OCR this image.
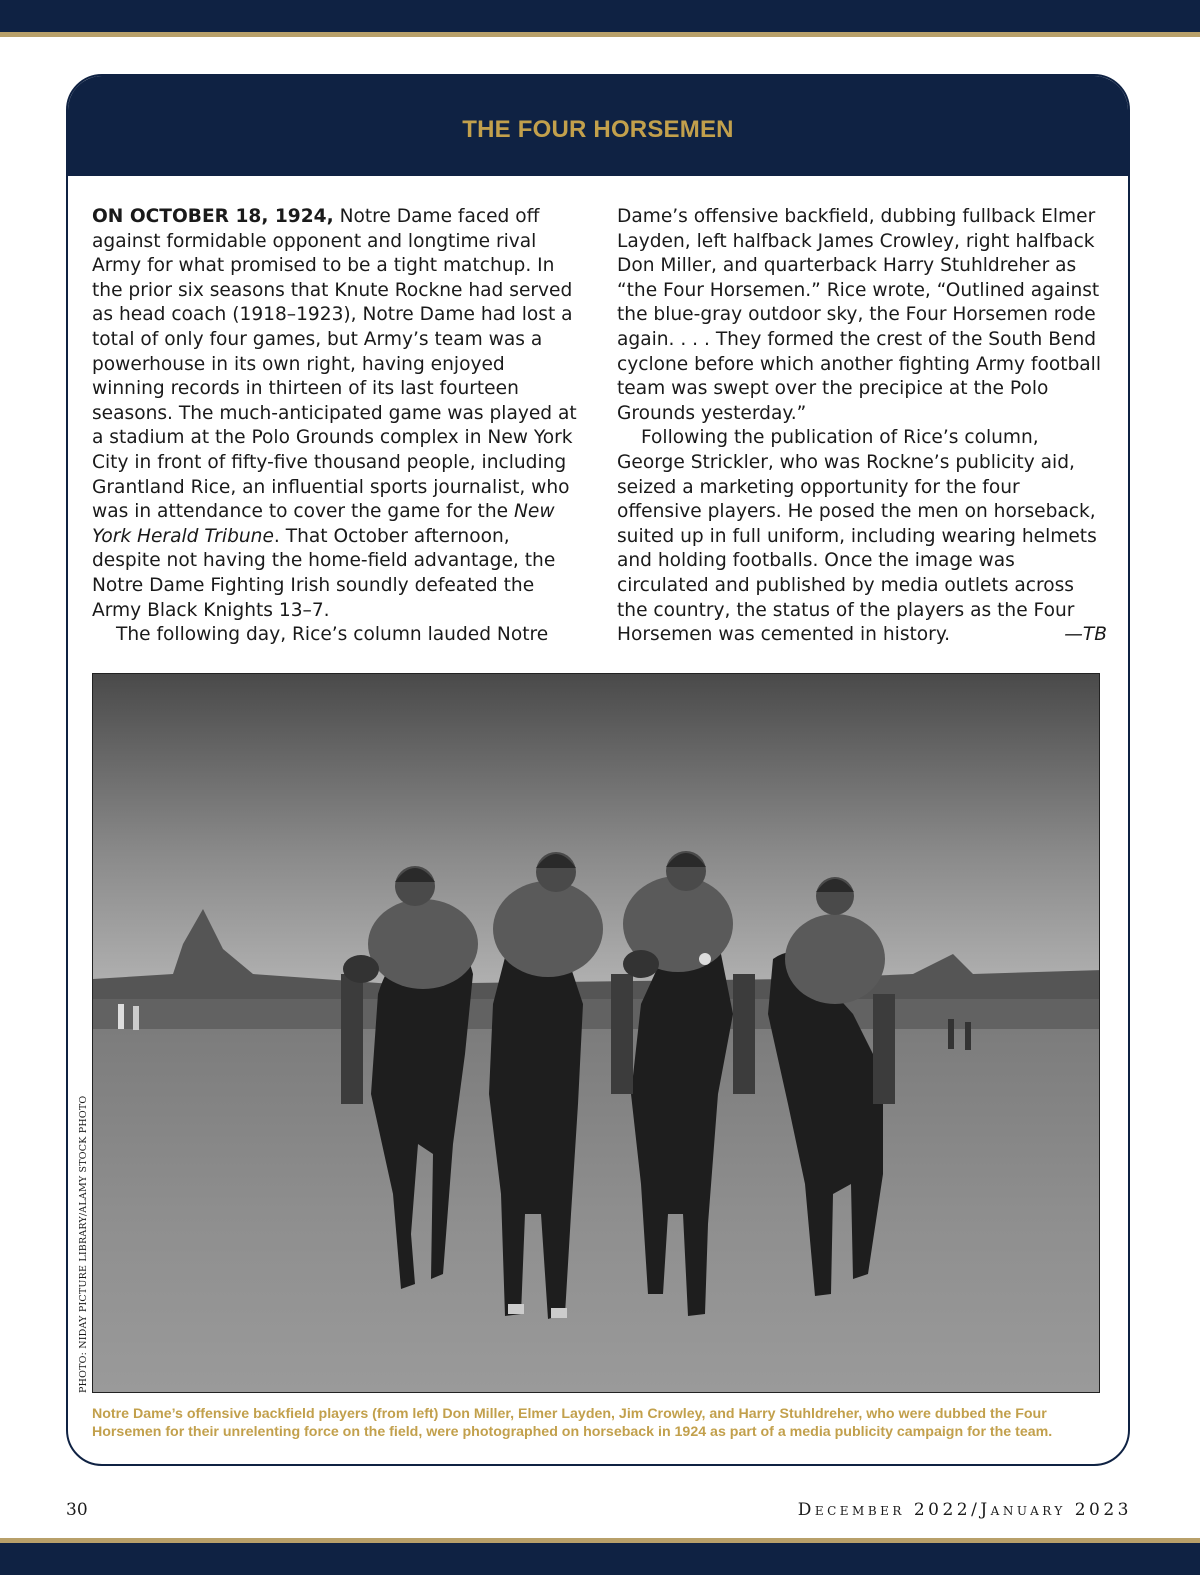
THE FOUR HORSEMEN

ON OCTOBER 18, 1924, Notre Dame faced off against formidable opponent and longtime rival Army for what promised to be a tight matchup. In the prior six seasons that Knute Rockne had served as head coach (1918–1923), Notre Dame had lost a total of only four games, but Army’s team was a powerhouse in its own right, having enjoyed winning records in thirteen of its last fourteen seasons. The much-anticipated game was played at a stadium at the Polo Grounds complex in New York City in front of fifty-five thousand people, including Grantland Rice, an influential sports journalist, who was in attendance to cover the game for the New York Herald Tribune. That October afternoon, despite not having the home-field advantage, the Notre Dame Fighting Irish soundly defeated the Army Black Knights 13–7.

The following day, Rice’s column lauded Notre

Dame’s offensive backfield, dubbing fullback Elmer Layden, left halfback James Crowley, right halfback Don Miller, and quarterback Harry Stuhldreher as “the Four Horsemen.” Rice wrote, “Outlined against the blue-gray outdoor sky, the Four Horsemen rode again. . . . They formed the crest of the South Bend cyclone before which another fighting Army football team was swept over the precipice at the Polo Grounds yesterday.”

Following the publication of Rice’s column, George Strickler, who was Rockne’s publicity aid, seized a marketing opportunity for the four offensive players. He posed the men on horseback, suited up in full uniform, including wearing helmets and holding footballs. Once the image was circulated and published by media outlets across the country, the status of the players as the Four Horsemen was cemented in history.	—TB

PHOTO: NIDAY PICTURE LIBRARY/ALAMY STOCK PHOTO
Notre Dame’s offensive backfield players (from left) Don Miller, Elmer Layden, Jim Crowley, and Harry Stuhldreher, who were dubbed the Four Horsemen for their unrelenting force on the field, were photographed on horseback in 1924 as part of a media publicity campaign for the team.
30	December 2022/January 2023
